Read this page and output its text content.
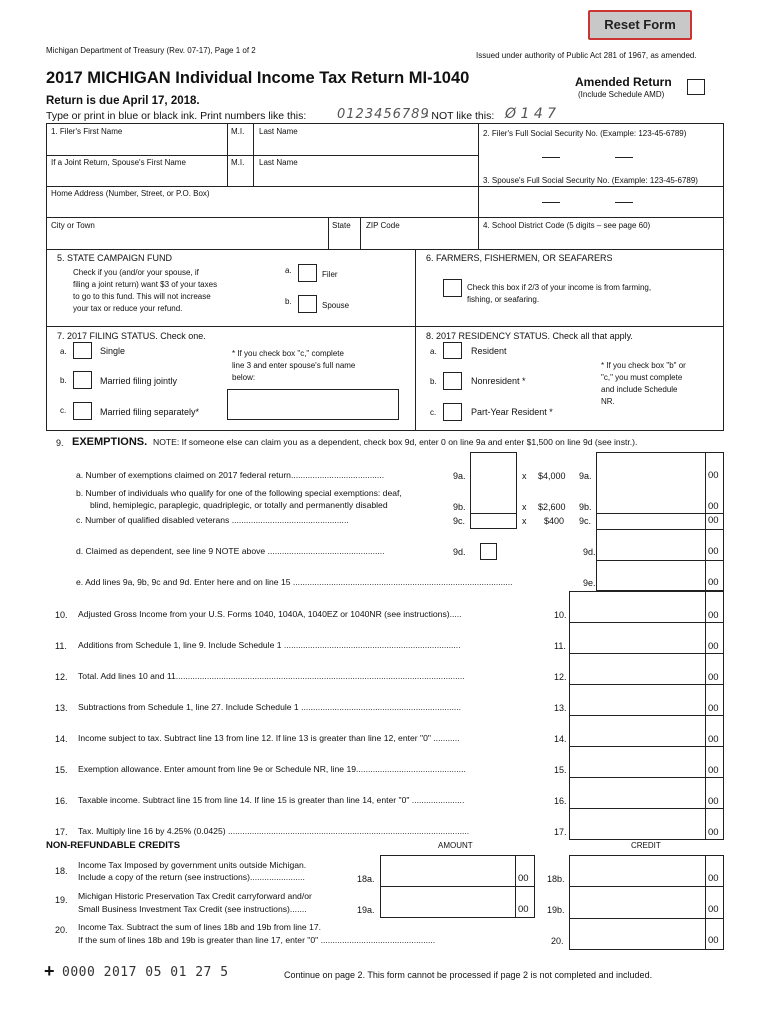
Reset Form
Michigan Department of Treasury (Rev. 07-17), Page 1 of 2
Issued under authority of Public Act 281 of 1967, as amended.
2017 MICHIGAN Individual Income Tax Return MI-1040	Amended Return
(Include Schedule AMD)
Return is due April 17, 2018.
Type or print in blue or black ink. Print numbers like this: 0123456789
- NOT like this: Ø 1 4 7
1. Filer's First Name	M.I. Last Name	2. Filer's Full Social Security No. (Example: 123-45-6789)
If a Joint Return, Spouse's First Name	M.I. Last Name
Home Address (Number, Street, or P.O. Box)
3. Spouse's Full Social Security No. (Example: 123-45-6789)
City or Town	State ZIP Code	4. School District Code (5 digits – see page 60)
5. STATE CAMPAIGN FUND
Check if you (and/or your spouse, if
filing a joint return) want $3 of your taxes
to go to this fund. This will not increase
your tax or reduce your refund.
a.	Filer
b.	Spouse
6. FARMERS, FISHERMEN, OR SEAFARERS
Check this box if 2/3 of your income is from farming,
fishing, or seafaring.
7. 2017 FILING STATUS. Check one.
a.	Single
b.	Married filing jointly
c.	Married filing separately*
* If you check box "c," complete
line 3 and enter spouse's full name
below:
8. 2017 RESIDENCY STATUS. Check all that apply.
a.	Resident
b.	Nonresident *
c.	Part-Year Resident *
* If you check box "b" or
"c," you must complete
and include Schedule
NR.
9. EXEMPTIONS. NOTE: If someone else can claim you as a dependent, check box 9d, enter 0 on line 9a and enter $1,500 on line 9d (see instr.).
a. Number of exemptions claimed on 2017 federal return.......................................	9a.	x $4,000 9a.	00
b. Number of individuals who qualify for one of the following special exemptions: deaf,
blind, hemiplegic, paraplegic, quadriplegic, or totally and permanently disabled	9b.	x $2,600 9b.	00
c. Number of qualified disabled veterans .................................................	9c.	x $400 9c.	00
d. Claimed as dependent, see line 9 NOTE above .................................................	9d.	9d.	00
e. Add lines 9a, 9b, 9c and 9d. Enter here and on line 15 ............................................................................................	9e.	00
10. Adjusted Gross Income from your U.S. Forms 1040, 1040A, 1040EZ or 1040NR (see instructions).....	10.	00
11. Additions from Schedule 1, line 9. Include Schedule 1 ..........................................................................	11.	00
12. Total. Add lines 10 and 11.........................................................................................................................	12.	00
13. Subtractions from Schedule 1, line 27. Include Schedule 1 ...................................................................	13.	00
14. Income subject to tax. Subtract line 13 from line 12. If line 13 is greater than line 12, enter "0" ...........	14.	00
15. Exemption allowance. Enter amount from line 9e or Schedule NR, line 19..............................................	15.	00
16. Taxable income. Subtract line 15 from line 14. If line 15 is greater than line 14, enter "0" ......................	16.	00
17. Tax. Multiply line 16 by 4.25% (0.0425) .....................................................................................................	17.	00
NON-REFUNDABLE CREDITS	AMOUNT	CREDIT
18.
Income Tax Imposed by government units outside Michigan.
Include a copy of the return (see instructions).......................	18a.	00 18b.	00
19. Michigan Historic Preservation Tax Credit carryforward and/or
Small Business Investment Tax Credit (see instructions).......	19a.	00 19b.	00
20. Income Tax. Subtract the sum of lines 18b and 19b from line 17.
If the sum of lines 18b and 19b is greater than line 17, enter "0" ................................................	20.	00
+ 0000 2017 05 01 27 5	Continue on page 2. This form cannot be processed if page 2 is not completed and included.
